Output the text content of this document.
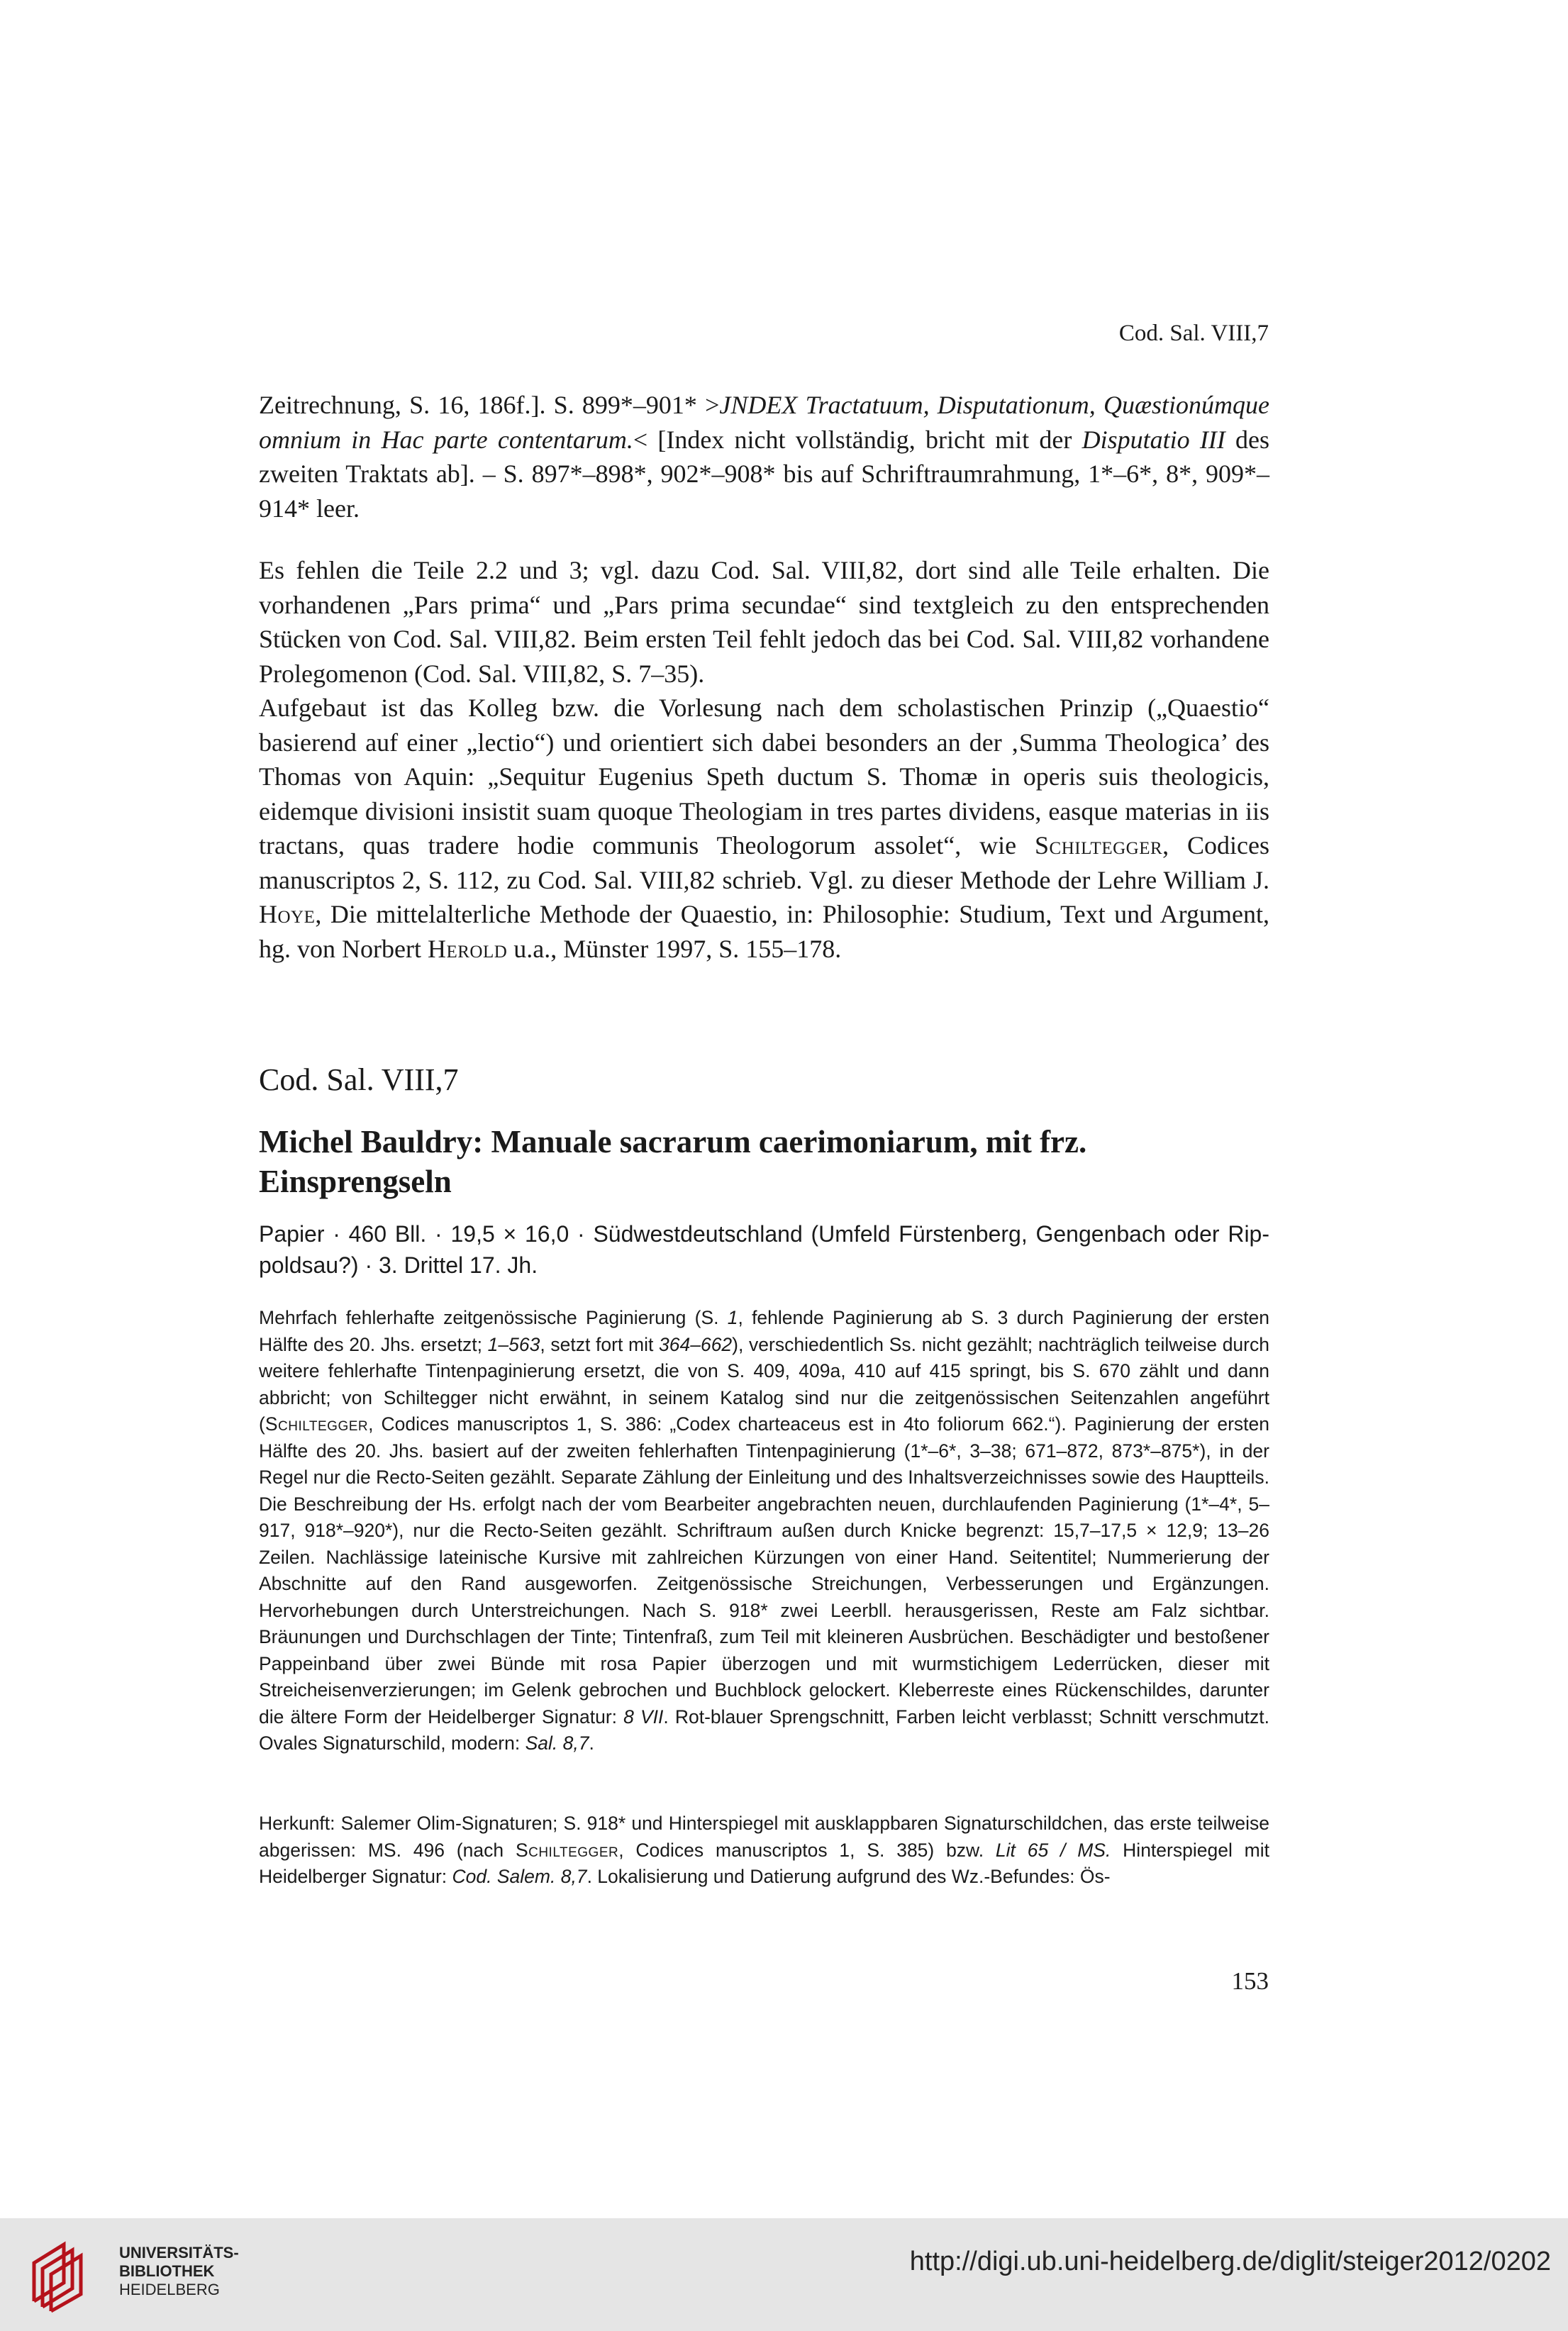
Cod. Sal. VIII,7

Zeitrechnung, S. 16, 186f.]. S. 899*–901* >JNDEX Tractatuum, Disputationum, Quæstionúmque omnium in Hac parte contentarum.< [Index nicht vollständig, bricht mit der Disputatio III des zweiten Traktats ab]. – S. 897*–898*, 902*–908* bis auf Schriftraumrahmung, 1*–6*, 8*, 909*–914* leer.

Es fehlen die Teile 2.2 und 3; vgl. dazu Cod. Sal. VIII,82, dort sind alle Teile erhalten. Die vorhandenen „Pars prima“ und „Pars prima secundae“ sind textgleich zu den entsprechenden Stücken von Cod. Sal. VIII,82. Beim ersten Teil fehlt jedoch das bei Cod. Sal. VIII,82 vorhandene Prolegomenon (Cod. Sal. VIII,82, S. 7–35).

Aufgebaut ist das Kolleg bzw. die Vorlesung nach dem scholastischen Prinzip („Quaestio“ basierend auf einer „lectio“) und orientiert sich dabei besonders an der ‚Summa Theologica’ des Thomas von Aquin: „Sequitur Eugenius Speth ductum S. Thomæ in operis suis theologicis, eidemque divisioni insistit suam quoque Theologiam in tres partes dividens, easque materias in iis tractans, quas tradere hodie communis Theologorum assolet“, wie Schiltegger, Codices manuscriptos 2, S. 112, zu Cod. Sal. VIII,82 schrieb. Vgl. zu dieser Methode der Lehre William J. Hoye, Die mittelalterliche Methode der Quaestio, in: Philosophie: Studium, Text und Argument, hg. von Norbert Herold u.a., Münster 1997, S. 155–178.

Cod. Sal. VIII,7
Michel Bauldry: Manuale sacrarum caerimoniarum, mit frz. Einsprengseln
Papier · 460 Bll. · 19,5 × 16,0 · Südwestdeutschland (Umfeld Fürstenberg, Gengenbach oder Rippoldsau?) · 3. Drittel 17. Jh.
Mehrfach fehlerhafte zeitgenössische Paginierung (S. 1, fehlende Paginierung ab S. 3 durch Paginierung der ersten Hälfte des 20. Jhs. ersetzt; 1–563, setzt fort mit 364–662), verschiedentlich Ss. nicht gezählt; nachträglich teilweise durch weitere fehlerhafte Tintenpaginierung ersetzt, die von S. 409, 409a, 410 auf 415 springt, bis S. 670 zählt und dann abbricht; von Schiltegger nicht erwähnt, in seinem Katalog sind nur die zeitgenössischen Seitenzahlen angeführt (Schiltegger, Codices manuscriptos 1, S. 386: „Codex charteaceus est in 4to foliorum 662.“). Paginierung der ersten Hälfte des 20. Jhs. basiert auf der zweiten fehlerhaften Tintenpaginierung (1*–6*, 3–38; 671–872, 873*–875*), in der Regel nur die Recto-Seiten gezählt. Separate Zählung der Einleitung und des Inhaltsverzeichnisses sowie des Hauptteils. Die Beschreibung der Hs. erfolgt nach der vom Bearbeiter angebrachten neuen, durchlaufenden Paginierung (1*–4*, 5–917, 918*–920*), nur die Recto-Seiten gezählt. Schriftraum außen durch Knicke begrenzt: 15,7–17,5 × 12,9; 13–26 Zeilen. Nachlässige lateinische Kursive mit zahlreichen Kürzungen von einer Hand. Seitentitel; Nummerierung der Abschnitte auf den Rand ausgeworfen. Zeitgenössische Streichungen, Verbesserungen und Ergänzungen. Hervorhebungen durch Unterstreichungen. Nach S. 918* zwei Leerbll. herausgerissen, Reste am Falz sichtbar. Bräunungen und Durchschlagen der Tinte; Tintenfraß, zum Teil mit kleineren Ausbrüchen. Beschädigter und bestoßener Pappeinband über zwei Bünde mit rosa Papier überzogen und mit wurmstichigem Lederrücken, dieser mit Streicheisenverzierungen; im Gelenk gebrochen und Buchblock gelockert. Kleberreste eines Rückenschildes, darunter die ältere Form der Heidelberger Signatur: 8 VII. Rot-blauer Sprengschnitt, Farben leicht verblasst; Schnitt verschmutzt. Ovales Signaturschild, modern: Sal. 8,7.
Herkunft: Salemer Olim-Signaturen; S. 918* und Hinterspiegel mit ausklappbaren Signaturschildchen, das erste teilweise abgerissen: MS. 496 (nach Schiltegger, Codices manuscriptos 1, S. 385) bzw. Lit 65 / MS. Hinterspiegel mit Heidelberger Signatur: Cod. Salem. 8,7. Lokalisierung und Datierung aufgrund des Wz.-Befundes: Ös-
153
UNIVERSITÄTS-
BIBLIOTHEK
HEIDELBERG
http://digi.ub.uni-heidelberg.de/diglit/steiger2012/0202
